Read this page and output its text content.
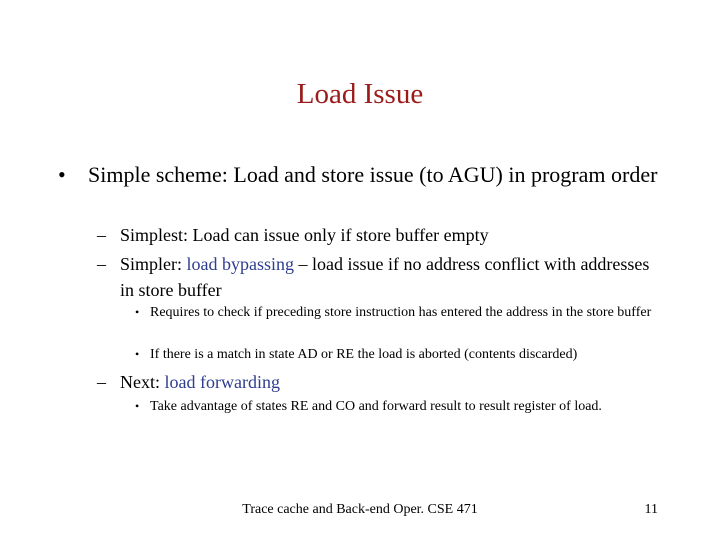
Load Issue
•	Simple scheme: Load and store issue (to AGU) in program order
– Simplest: Load can issue only if store buffer empty
– Simpler: load bypassing – load issue if no address conflict with addresses in store buffer
• Requires to check if preceding store instruction has entered the address in the store buffer
• If there is a match in state AD or RE the load is aborted (contents discarded)
– Next: load forwarding
• Take advantage of states RE and CO and forward result to result register of load.
Trace cache and Back-end Oper. CSE 471	11
